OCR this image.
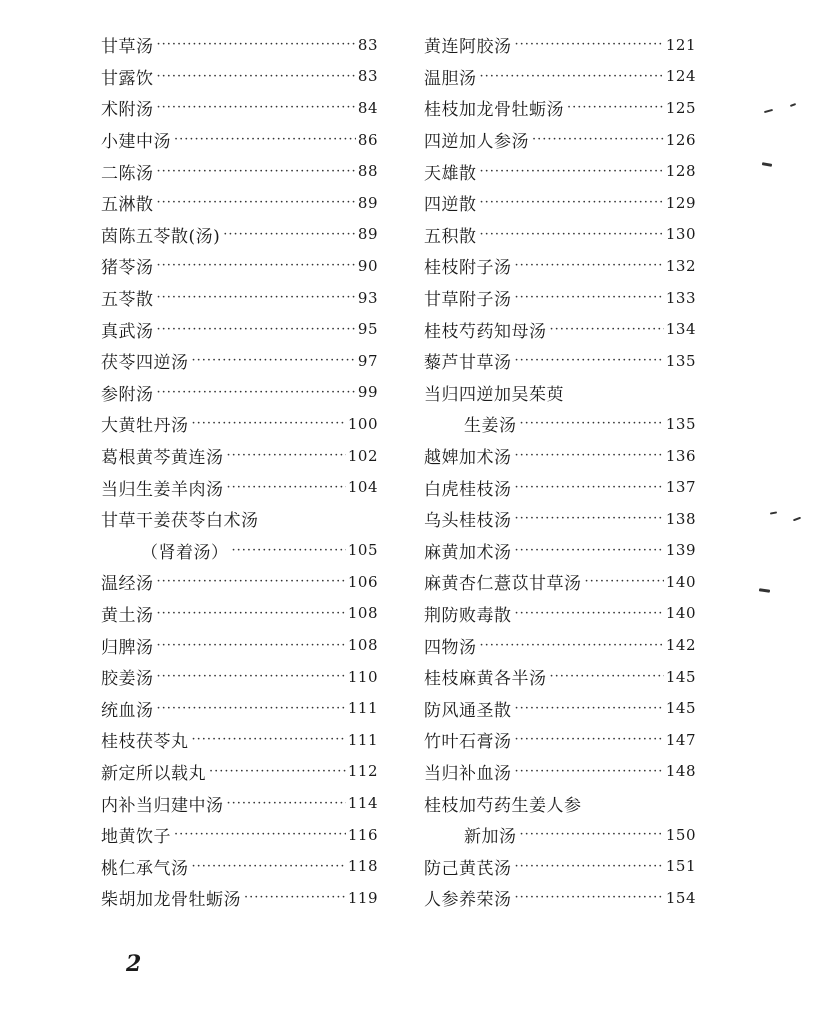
甘草汤 ·····	83
甘露饮 ·····	83
术附汤 ·····	84
小建中汤 ·····	86
二陈汤 ·····	88
五淋散 ·····	89
茵陈五苓散(汤) ·····	89
猪苓汤 ·····	90
五苓散 ·····	93
真武汤 ·····	95
茯苓四逆汤 ·····	97
参附汤 ·····	99
大黄牡丹汤 ·····	100
葛根黄芩黄连汤 ·····	102
当归生姜羊肉汤 ·····	104
甘草干姜茯苓白术汤
（肾着汤） ·····	105
温经汤 ·····	106
黄土汤 ·····	108
归脾汤 ·····	108
胶姜汤 ·····	110
统血汤 ·····	111
桂枝茯苓丸 ·····	111
新定所以载丸 ·····	112
内补当归建中汤 ·····	114
地黄饮子 ·····	116
桃仁承气汤 ·····	118
柴胡加龙骨牡蛎汤 ·····	119
黄连阿胶汤 ·····	121
温胆汤 ·····	124
桂枝加龙骨牡蛎汤 ·····	125
四逆加人参汤 ·····	126
天雄散 ·····	128
四逆散 ·····	129
五积散 ·····	130
桂枝附子汤 ·····	132
甘草附子汤 ·····	133
桂枝芍药知母汤 ·····	134
藜芦甘草汤 ·····	135
当归四逆加吴茱萸
生姜汤 ·····	135
越婢加术汤 ·····	136
白虎桂枝汤 ·····	137
乌头桂枝汤 ·····	138
麻黄加术汤 ·····	139
麻黄杏仁薏苡甘草汤 ·····	140
荆防败毒散 ·····	140
四物汤 ·····	142
桂枝麻黄各半汤 ·····	145
防风通圣散 ·····	145
竹叶石膏汤 ·····	147
当归补血汤 ·····	148
桂枝加芍药生姜人参
新加汤 ·····	150
防己黄芪汤 ·····	151
人参养荣汤 ·····	154
2
